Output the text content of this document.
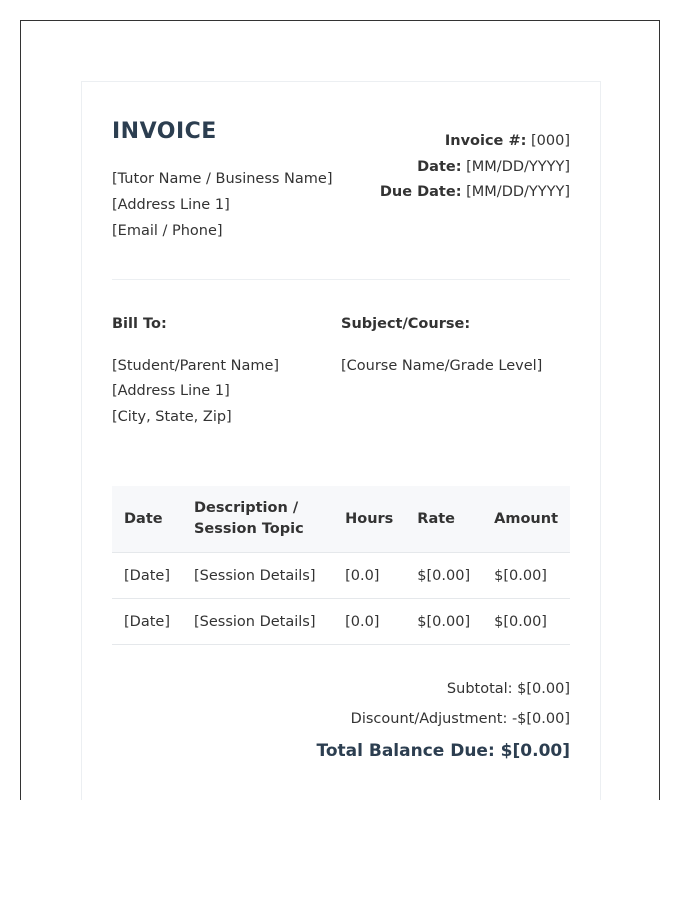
INVOICE
[Tutor Name / Business Name]
[Address Line 1]
[Email / Phone]
Invoice #: [000]
Date: [MM/DD/YYYY]
Due Date: [MM/DD/YYYY]
Bill To:
[Student/Parent Name]
[Address Line 1]
[City, State, Zip]
Subject/Course:
[Course Name/Grade Level]
Date	Description / Session Topic	Hours	Rate	Amount
[Date]	[Session Details]	[0.0]	$[0.00]	$[0.00]
[Date]	[Session Details]	[0.0]	$[0.00]	$[0.00]
Subtotal: $[0.00]
Discount/Adjustment: -$[0.00]
Total Balance Due: $[0.00]
